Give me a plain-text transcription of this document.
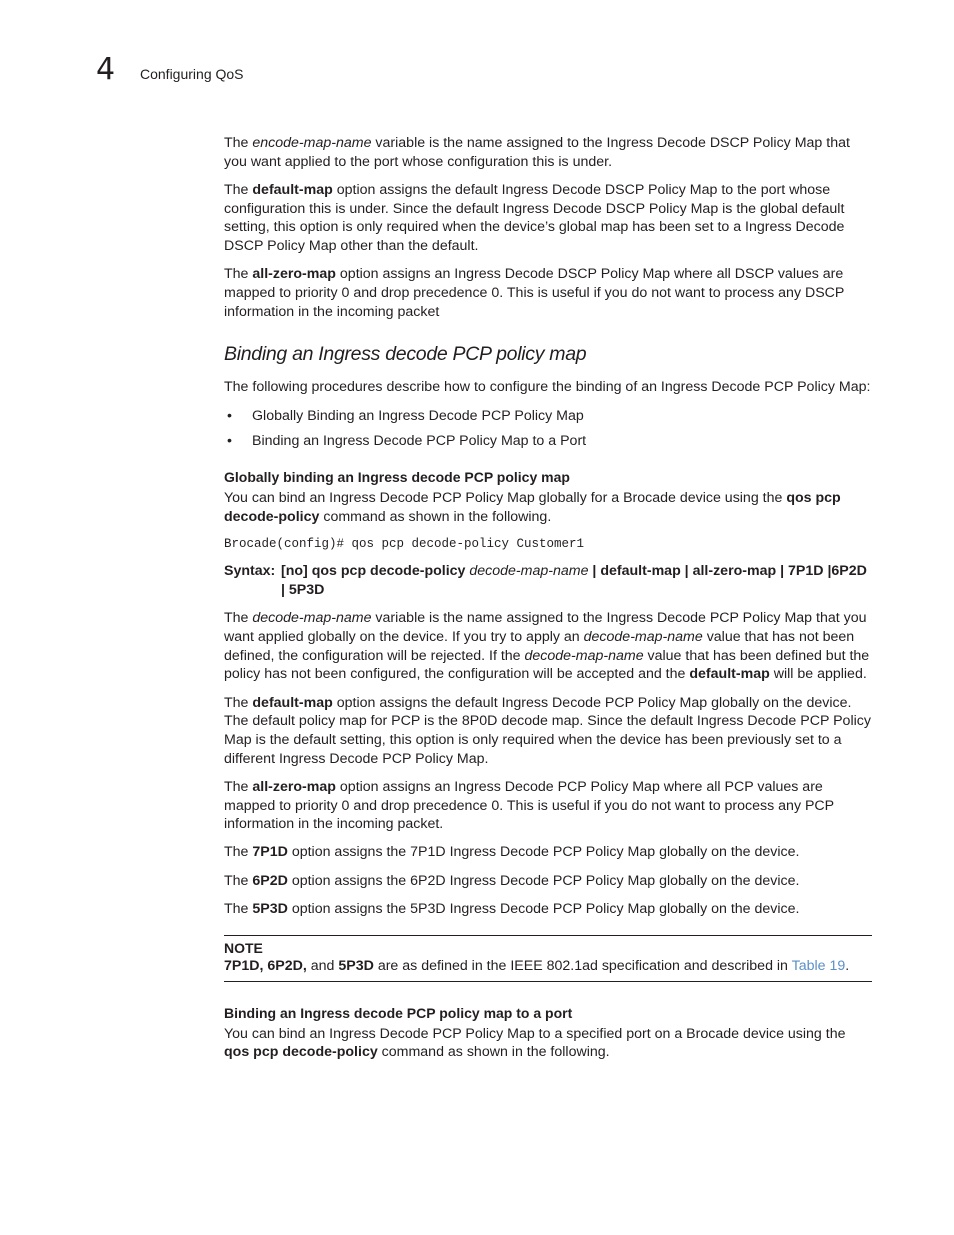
4 Configuring QoS

The encode-map-name variable is the name assigned to the Ingress Decode DSCP Policy Map that you want applied to the port whose configuration this is under.

The default-map option assigns the default Ingress Decode DSCP Policy Map to the port whose configuration this is under. Since the default Ingress Decode DSCP Policy Map is the global default setting, this option is only required when the device’s global map has been set to a Ingress Decode DSCP Policy Map other than the default.

The all-zero-map option assigns an Ingress Decode DSCP Policy Map where all DSCP values are mapped to priority 0 and drop precedence 0. This is useful if you do not want to process any DSCP information in the incoming packet

Binding an Ingress decode PCP policy map

The following procedures describe how to configure the binding of an Ingress Decode PCP Policy Map:

• Globally Binding an Ingress Decode PCP Policy Map
• Binding an Ingress Decode PCP Policy Map to a Port
Globally binding an Ingress decode PCP policy map

You can bind an Ingress Decode PCP Policy Map globally for a Brocade device using the qos pcp decode-policy command as shown in the following.

Brocade(config)# qos pcp decode-policy Customer1
Syntax: [no] qos pcp decode-policy decode-map-name | default-map | all-zero-map | 7P1D |6P2D | 5P3D

The decode-map-name variable is the name assigned to the Ingress Decode PCP Policy Map that you want applied globally on the device. If you try to apply an decode-map-name value that has not been defined, the configuration will be rejected. If the decode-map-name value that has been defined but the policy has not been configured, the configuration will be accepted and the default-map will be applied.

The default-map option assigns the default Ingress Decode PCP Policy Map globally on the device. The default policy map for PCP is the 8P0D decode map. Since the default Ingress Decode PCP Policy Map is the default setting, this option is only required when the device has been previously set to a different Ingress Decode PCP Policy Map.

The all-zero-map option assigns an Ingress Decode PCP Policy Map where all PCP values are mapped to priority 0 and drop precedence 0. This is useful if you do not want to process any PCP information in the incoming packet.

The 7P1D option assigns the 7P1D Ingress Decode PCP Policy Map globally on the device.

The 6P2D option assigns the 6P2D Ingress Decode PCP Policy Map globally on the device.

The 5P3D option assigns the 5P3D Ingress Decode PCP Policy Map globally on the device.

NOTE
7P1D, 6P2D, and 5P3D are as defined in the IEEE 802.1ad specification and described in Table 19.
Binding an Ingress decode PCP policy map to a port

You can bind an Ingress Decode PCP Policy Map to a specified port on a Brocade device using the qos pcp decode-policy command as shown in the following.
